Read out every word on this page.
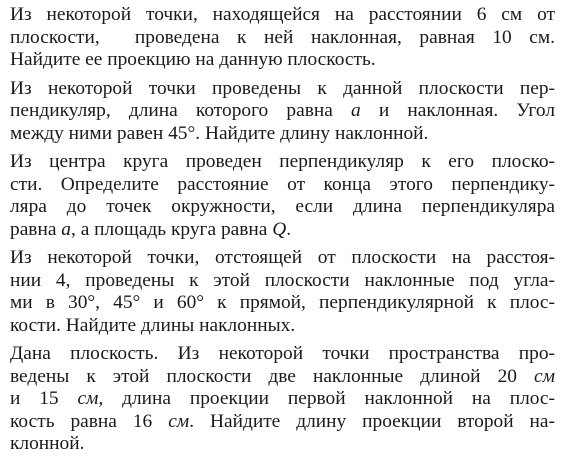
Из некоторой точки, находящейся на расстоянии 6 см от
плоскости,  проведена к ней наклонная, равная 10 см.
Найдите ее проекцию на данную плоскость.
Из некоторой точки проведены к данной плоскости пер-
пендикуляр, длина которого равна a и наклонная. Угол
между ними равен 45°. Найдите длину наклонной.
Из центра круга проведен перпендикуляр к его плоско-
сти. Определите расстояние от конца этого перпендику-
ляра до точек окружности, если длина перпендикуляра
равна a, а площадь круга равна Q.
Из некоторой точки, отстоящей от плоскости на расстоя-
нии 4, проведены к этой плоскости наклонные под угла-
ми в 30°, 45° и 60° к прямой, перпендикулярной к плос-
кости. Найдите длины наклонных.
Дана плоскость. Из некоторой точки пространства про-
ведены к этой плоскости две наклонные длиной 20 см
и 15 см, длина проекции первой наклонной на плос-
кость равна 16 см. Найдите длину проекции второй на-
клонной.
